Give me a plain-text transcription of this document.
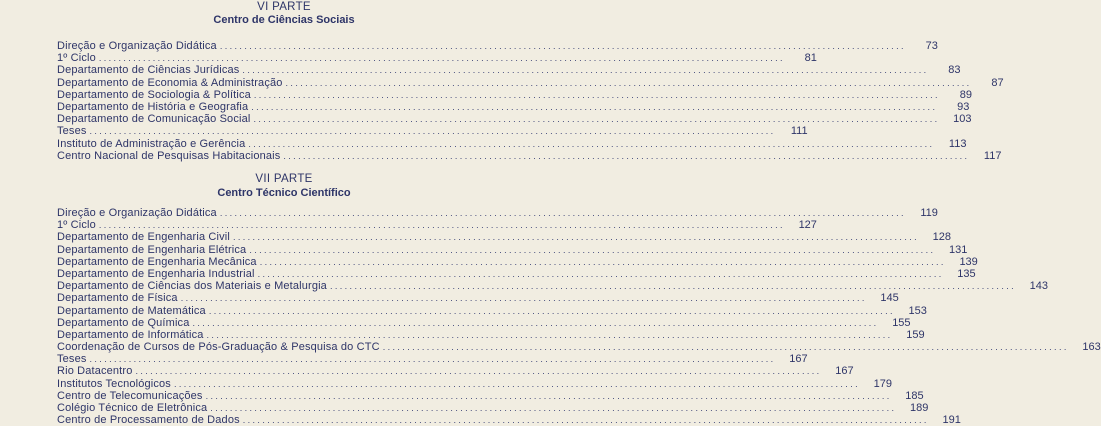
VI PARTE
Centro de Ciências Sociais
Direção e Organização Didática ............................................................................................................................................	73
1º Ciclo ............................................................................................................................................	81
Departamento de Ciências Jurídicas ............................................................................................................................................	83
Departamento de Economia & Administração ............................................................................................................................................	87
Departamento de Sociologia & Política ............................................................................................................................................	89
Departamento de História e Geografia ............................................................................................................................................	93
Departamento de Comunicação Social ............................................................................................................................................	103
Teses ............................................................................................................................................	111
Instituto de Administração e Gerência ............................................................................................................................................	113
Centro Nacional de Pesquisas Habitacionais ............................................................................................................................................	117
VII PARTE
Centro Técnico Científico
Direção e Organização Didática ............................................................................................................................................	119
1º Ciclo ............................................................................................................................................	127
Departamento de Engenharia Civil ............................................................................................................................................	128
Departamento de Engenharia Elétrica ............................................................................................................................................	131
Departamento de Engenharia Mecânica ............................................................................................................................................	139
Departamento de Engenharia Industrial ............................................................................................................................................	135
Departamento de Ciências dos Materiais e Metalurgia ............................................................................................................................................	143
Departamento de Física ............................................................................................................................................	145
Departamento de Matemática ............................................................................................................................................	153
Departamento de Química ............................................................................................................................................	155
Departamento de Informática ............................................................................................................................................	159
Coordenação de Cursos de Pós-Graduação & Pesquisa do CTC ............................................................................................................................................	163
Teses ............................................................................................................................................	167
Rio Datacentro ............................................................................................................................................	167
Institutos Tecnológicos ............................................................................................................................................	179
Centro de Telecomunicações ............................................................................................................................................	185
Colégio Técnico de Eletrônica ............................................................................................................................................	189
Centro de Processamento de Dados ............................................................................................................................................	191
